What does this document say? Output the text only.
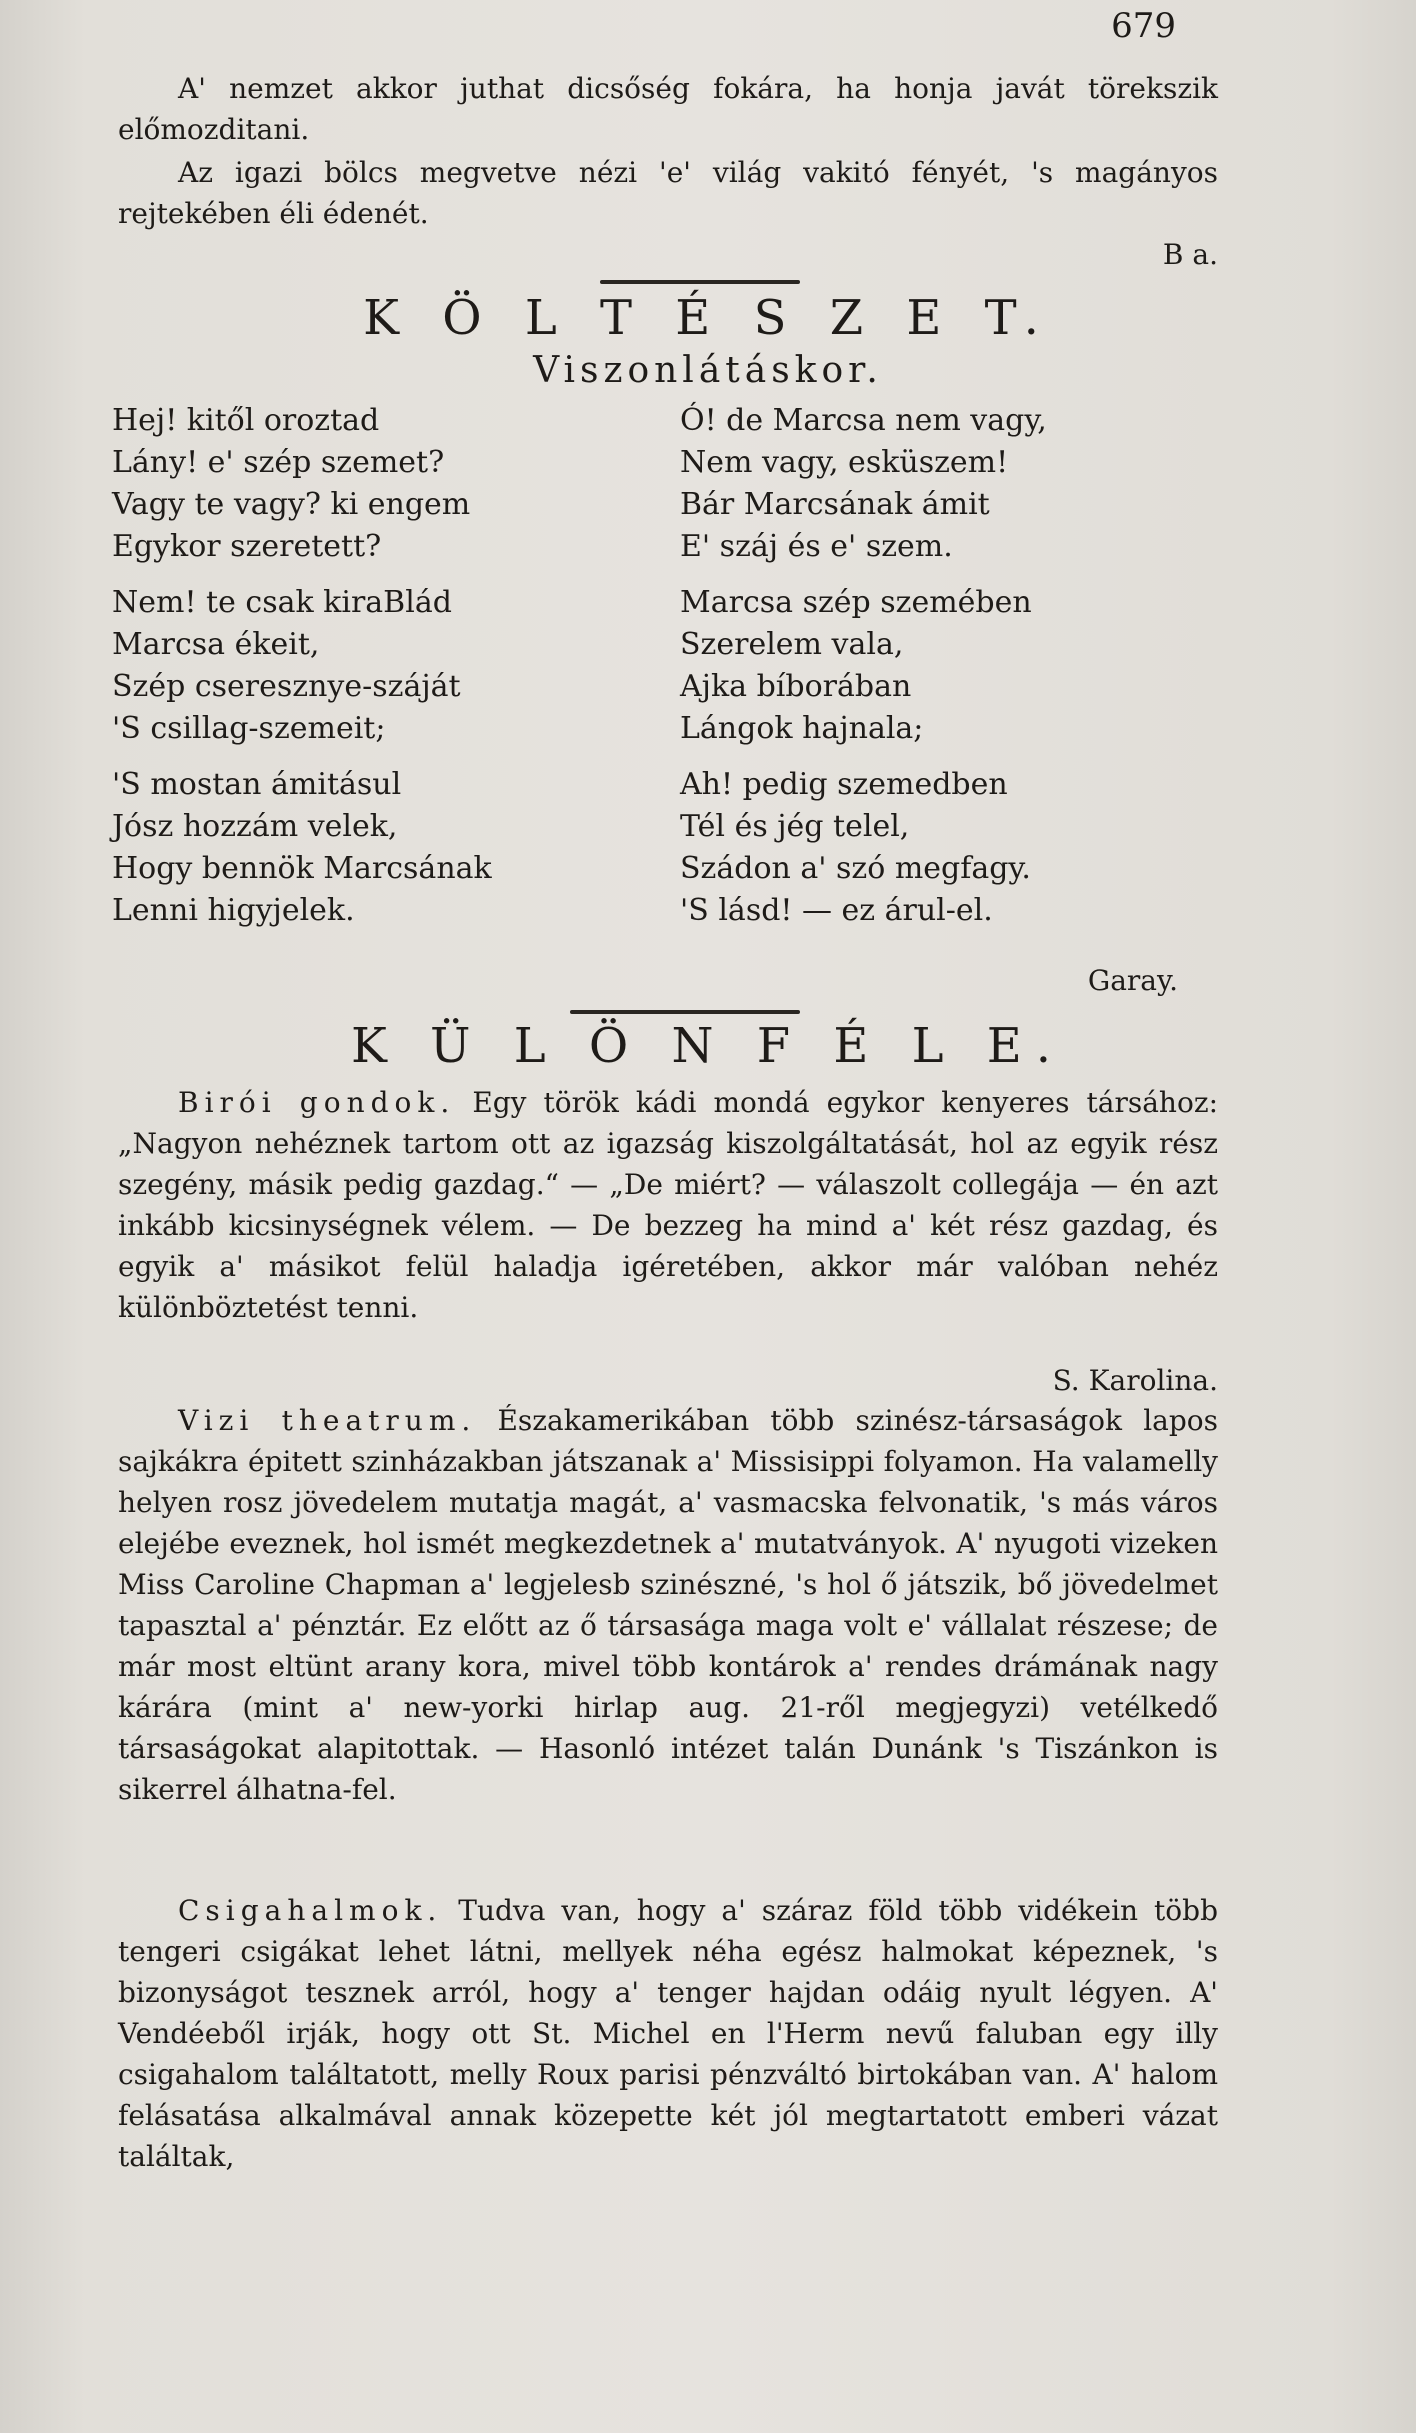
679

A' nemzet akkor juthat dicsőség fokára, ha honja javát törekszik előmozditani.

Az igazi bölcs megvetve nézi 'e' világ vakitó fényét, 's magányos rejtekében éli édenét.

B a.

K Ö L T É S Z E T.
Viszonlátáskor.
Hej! kitől oroztad
Lány! e' szép szemet?
Vagy te vagy? ki engem
Egykor szeretett?
Nem! te csak kiraBlád
Marcsa ékeit,
Szép cseresznye-száját
'S csillag-szemeit;
'S mostan ámitásul
Jósz hozzám velek,
Hogy bennök Marcsának
Lenni higyjelek.
Ó! de Marcsa nem vagy,
Nem vagy, esküszem!
Bár Marcsának ámit
E' száj és e' szem.
Marcsa szép szemében
Szerelem vala,
Ajka bíborában
Lángok hajnala;
Ah! pedig szemedben
Tél és jég telel,
Szádon a' szó megfagy.
'S lásd! — ez árul-el.

Garay.

K Ü L Ö N F É L E.

Birói gondok. Egy török kádi mondá egykor kenyeres társához: „Nagyon nehéznek tartom ott az igazság kiszolgáltatását, hol az egyik rész szegény, másik pedig gazdag.“ — „De miért? — válaszolt collegája — én azt inkább kicsinységnek vélem. — De bezzeg ha mind a' két rész gazdag, és egyik a' másikot felül haladja igéretében, akkor már valóban nehéz különböztetést tenni.

S. Karolina.

Vizi theatrum. Északamerikában több szinész-társaságok lapos sajkákra épitett szinházakban játszanak a' Missisippi folyamon. Ha valamelly helyen rosz jövedelem mutatja magát, a' vasmacska felvonatik, 's más város elejébe eveznek, hol ismét megkezdetnek a' mutatványok. A' nyugoti vizeken Miss Caroline Chapman a' legjelesb szinészné, 's hol ő játszik, bő jövedelmet tapasztal a' pénztár. Ez előtt az ő társasága maga volt e' vállalat részese; de már most eltünt arany kora, mivel több kontárok a' rendes drámának nagy kárára (mint a' new-yorki hirlap aug. 21-ről megjegyzi) vetélkedő társaságokat alapitottak. — Hasonló intézet talán Dunánk 's Tiszánkon is sikerrel álhatna-fel.

Csigahalmok. Tudva van, hogy a' száraz föld több vidékein több tengeri csigákat lehet látni, mellyek néha egész halmokat képeznek, 's bizonyságot tesznek arról, hogy a' tenger hajdan odáig nyult légyen. A' Vendéeből irják, hogy ott St. Michel en l'Herm nevű faluban egy illy csigahalom találtatott, melly Roux parisi pénzváltó birtokában van. A' halom felásatása alkalmával annak közepette két jól megtartatott emberi vázat találtak,
